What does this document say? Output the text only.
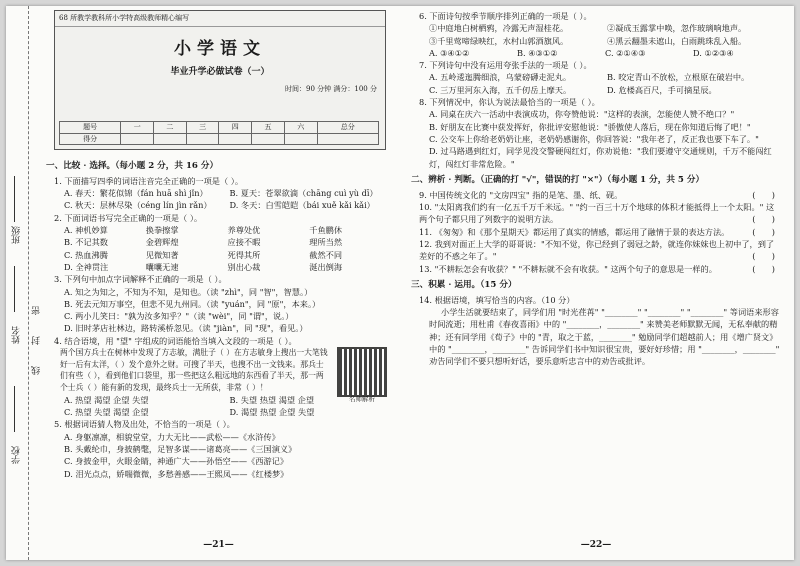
学校
姓名
班级
密
封
线
68 所教学教科所小学特高级教师精心编写
小学语文
毕业升学必做试卷（一）
时间：90 分钟 满分：100 分
题号	一	二	三	四	五	六	总分
得分							
一、比较 · 选择。（每小题 2 分，共 16 分）
1. 下面描写四季的词语注音完全正确的一项是（ ）。
A. 春天：繁花似锦（fán huā shì jǐn）	B. 夏天：苍翠欲滴（chāng cuì yù dī）
C. 秋天：层林尽染（céng lín jìn rǎn）	D. 冬天：白雪皑皑（bái xuě kǎi kǎi）
2. 下面词语书写完全正确的一项是（ ）。
A. 神机妙算	换拳擦掌	养尊处优	千鱼鹏休
B. 不记其数	金碧辉煌	应接不暇	理所当然
C. 热血沸腾	见微知著	死得其所	截然不同
D. 全神贯注	囔囔无速	别出心裁	涎出倒海
3. 下列句中加点字词解释不正确的一项是（ ）。
A. 知之为知之，不知为不知，是知也。（读 "zhì"，同 "智"，智慧。）
B. 死去元知万事空，但悲不见九州同。（读 "yuán"，同 "原"，本来。）
C. 两小儿笑曰："孰为汝多知乎？"（读 "wèi"，同 "谓"，说。）
D. 旧时茅店社林边，路转溪桥忽见。（读 "jiàn"，同 "现"，看见。）
4. 结合语境，用 "望" 字组成的词语能恰当填入文段的一项是（ ）。
两个国方兵士在树林中发现了方志敏，满肚子（ ）在方志敏身上搜出一大笔钱好一后有太洋，（ ）发个意外之财。可搜了半天，也搜不出一文钱来。那兵士们有些（ ），看到他们口袋里，那一些把这么粗远地的东西看了半天，那一两个士兵（ ）能有新的发现，最终兵士一无所获，非常（ ）！
名师解析
A. 热望 渴望 企望 失望	B. 失望 热望 渴望 企望
C. 热望 失望 渴望 企望	D. 渴望 热望 企望 失望
5. 根据词语猜人物及出处，不恰当的一项是（ ）。
A. 身躯凛凛，相貌堂堂，力大无比——武松——《水浒传》
B. 头戴纶巾，身披鹤氅，足智多谋——诸葛亮——《三国演义》
C. 身披金甲，火眼金睛，神通广大——孙悟空——《西游记》
D. 泪光点点，娇喘微微，多愁善感——王熙凤——《红楼梦》
—21—
6. 下面诗句按季节顺序排列正确的一项是（ ）。
①中庭地白树栖鸦，冷露无声湿桂花。	②凝成玉露掌中唤，忽作玻璃响地声。
③千里莺啼绿映红，水村山郭酒旗风。	④黑云翻墨未遮山，白雨跳珠乱入船。
A. ③④①②	B. ④③①②	C. ②①④③	D. ①②③④
7. 下列诗句中没有运用夸张手法的一项是（ ）。
A. 五岭逶迤腾细浪，乌蒙磅礴走泥丸。	B. 咬定青山不放松，立根原在破岩中。
C. 三万里河东入海，五千仞岳上摩天。	D. 危楼高百尺，手可摘星辰。
8. 下列情况中，你认为说法最恰当的一项是（ ）。
A. 同桌在庆六一活动中表演成功，你夸赞他说："这样的表演，怎能使人赞不绝口？"
B. 好朋友在比赛中获发挥好，你批评安慰他说："骄傲使人落后，现在你知道后悔了吧！"
C. 公交车上你给老奶奶让座，老奶奶感谢你，你回答说："我年老了，反正我也要下车了。"
D. 过马路遇到红灯，同学见没交警硬闯红灯，你劝说他："我们要遵守交通规则，千万不能闯红灯，闯红灯非常危险。"
二、辨析 · 判断。（正确的打 "√"，错误的打 "×"）（每小题 1 分，共 5 分）
9. 中国传统文化的 "文房四宝" 指的是笔、墨、纸、砚。	(　　)
10. "太阳离我们约有一亿五千万千米远。" "约一百三十万个地球的体积才能抵得上一个太阳。" 这两个句子都只用了列数字的说明方法。	(　　)
11. 《匆匆》和《那个星期天》都运用了真实的情感，都运用了融情于景的表达方法。	(　　)
12. 我到对面正上大学的哥哥说："不知不觉，你已经到了弱冠之龄，就连你妹妹也上初中了，到了差好的不惑之年了。"	(　　)
13. "不耕耘怎会有收获？" "不耕耘就不会有收获。" 这两个句子的意思是一样的。	(　　)
三、积累 · 运用。（15 分）
14. 根据语境，填写恰当的内容。（10 分）
小学生活就要结束了，同学们用 "时光荏苒" "________" "________" "________" 等词语来形容时间流逝；用杜甫《春夜喜雨》中的 "________，________" 来赞美老师默默无闻，无私奉献的精神；还有同学用《荀子》中的 "青，取之于蓝，________" 勉励同学们超越前人；用《增广贤文》中的 "________，________" 告诉同学们书中知识很宝贵，要好好珍惜；用 "________，________" 劝告同学们不要只想听好话，要乐意听忠言中的劝告或批评。
—22—
